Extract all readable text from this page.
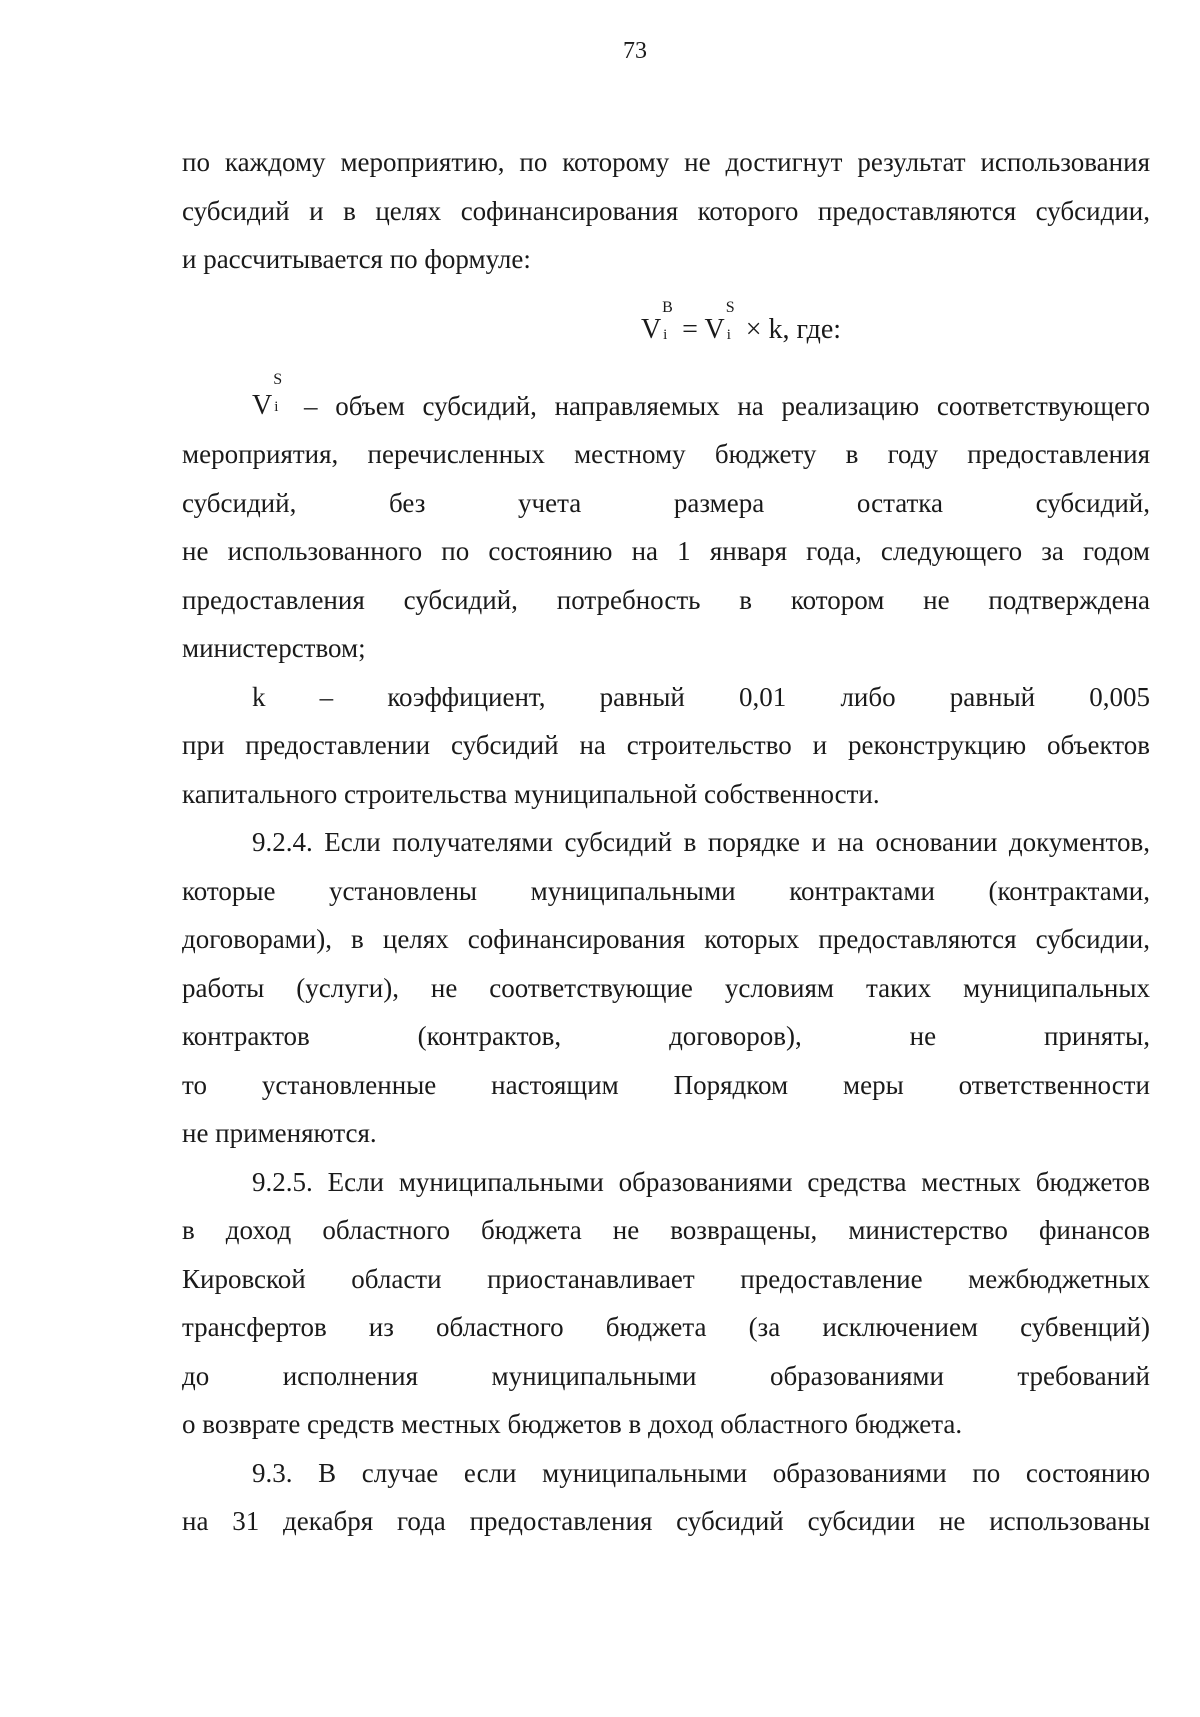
73
по каждому мероприятию, по которому не достигнут результат использования
субсидий и в целях софинансирования которого предоставляются субсидии,
и рассчитывается по формуле:
V
В
i = V
S
i × k, где:
V
S
i – объем субсидий, направляемых на реализацию соответствующего
мероприятия, перечисленных местному бюджету в году предоставления
субсидий,	без	учета	размера	остатка	субсидий,
не использованного по состоянию на 1 января года, следующего за годом
предоставления субсидий, потребность в котором не подтверждена
министерством;
k – коэффициент, равный 0,01 либо равный 0,005
при предоставлении субсидий на строительство и реконструкцию объектов
капитального строительства муниципальной собственности.
9.2.4. Если получателями субсидий в порядке и на основании документов,
которые установлены муниципальными контрактами (контрактами,
договорами), в целях софинансирования которых предоставляются субсидии,
работы (услуги), не соответствующие условиям таких муниципальных
контрактов	(контрактов,	договоров),	не	приняты,
то установленные настоящим Порядком меры ответственности
не применяются.
9.2.5. Если муниципальными образованиями средства местных бюджетов
в доход областного бюджета не возвращены, министерство финансов
Кировской области приостанавливает предоставление межбюджетных
трансфертов из областного бюджета (за исключением субвенций)
до	исполнения	муниципальными	образованиями	требований
о возврате средств местных бюджетов в доход областного бюджета.
9.3. В случае если муниципальными образованиями по состоянию
на 31 декабря года предоставления субсидий субсидии не использованы
